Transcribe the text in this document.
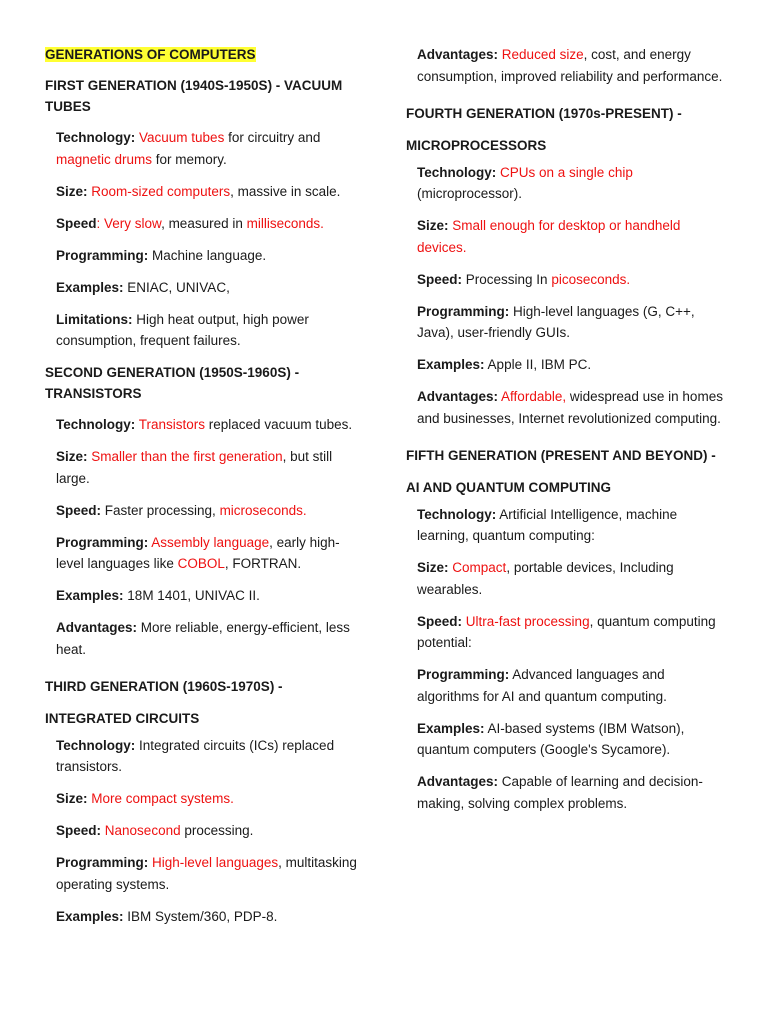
GENERATIONS OF COMPUTERS
FIRST GENERATION (1940S-1950S) - VACUUM TUBES
Technology: Vacuum tubes for circuitry and magnetic drums for memory.
Size: Room-sized computers, massive in scale.
Speed: Very slow, measured in milliseconds.
Programming: Machine language.
Examples: ENIAC, UNIVAC,
Limitations: High heat output, high power consumption, frequent failures.
SECOND GENERATION (1950S-1960S) - TRANSISTORS
Technology: Transistors replaced vacuum tubes.
Size: Smaller than the first generation, but still large.
Speed: Faster processing, microseconds.
Programming: Assembly language, early high-level languages like COBOL, FORTRAN.
Examples: 18M 1401, UNIVAC II.
Advantages: More reliable, energy-efficient, less heat.
THIRD GENERATION (1960S-1970S) - INTEGRATED CIRCUITS
Technology: Integrated circuits (ICs) replaced transistors.
Size: More compact systems.
Speed: Nanosecond processing.
Programming: High-level languages, multitasking operating systems.
Examples: IBM System/360, PDP-8.
Advantages: Reduced size, cost, and energy consumption, improved reliability and performance.
FOURTH GENERATION (1970s-PRESENT) - MICROPROCESSORS
Technology: CPUs on a single chip (microprocessor).
Size: Small enough for desktop or handheld devices.
Speed: Processing In picoseconds.
Programming: High-level languages (G, C++, Java), user-friendly GUIs.
Examples: Apple II, IBM PC.
Advantages: Affordable, widespread use in homes and businesses, Internet revolutionized computing.
FIFTH GENERATION (PRESENT AND BEYOND) - AI AND QUANTUM COMPUTING
Technology: Artificial Intelligence, machine learning, quantum computing:
Size: Compact, portable devices, Including wearables.
Speed: Ultra-fast processing, quantum computing potential:
Programming: Advanced languages and algorithms for AI and quantum computing.
Examples: AI-based systems (IBM Watson), quantum computers (Google's Sycamore).
Advantages: Capable of learning and decision-making, solving complex problems.
